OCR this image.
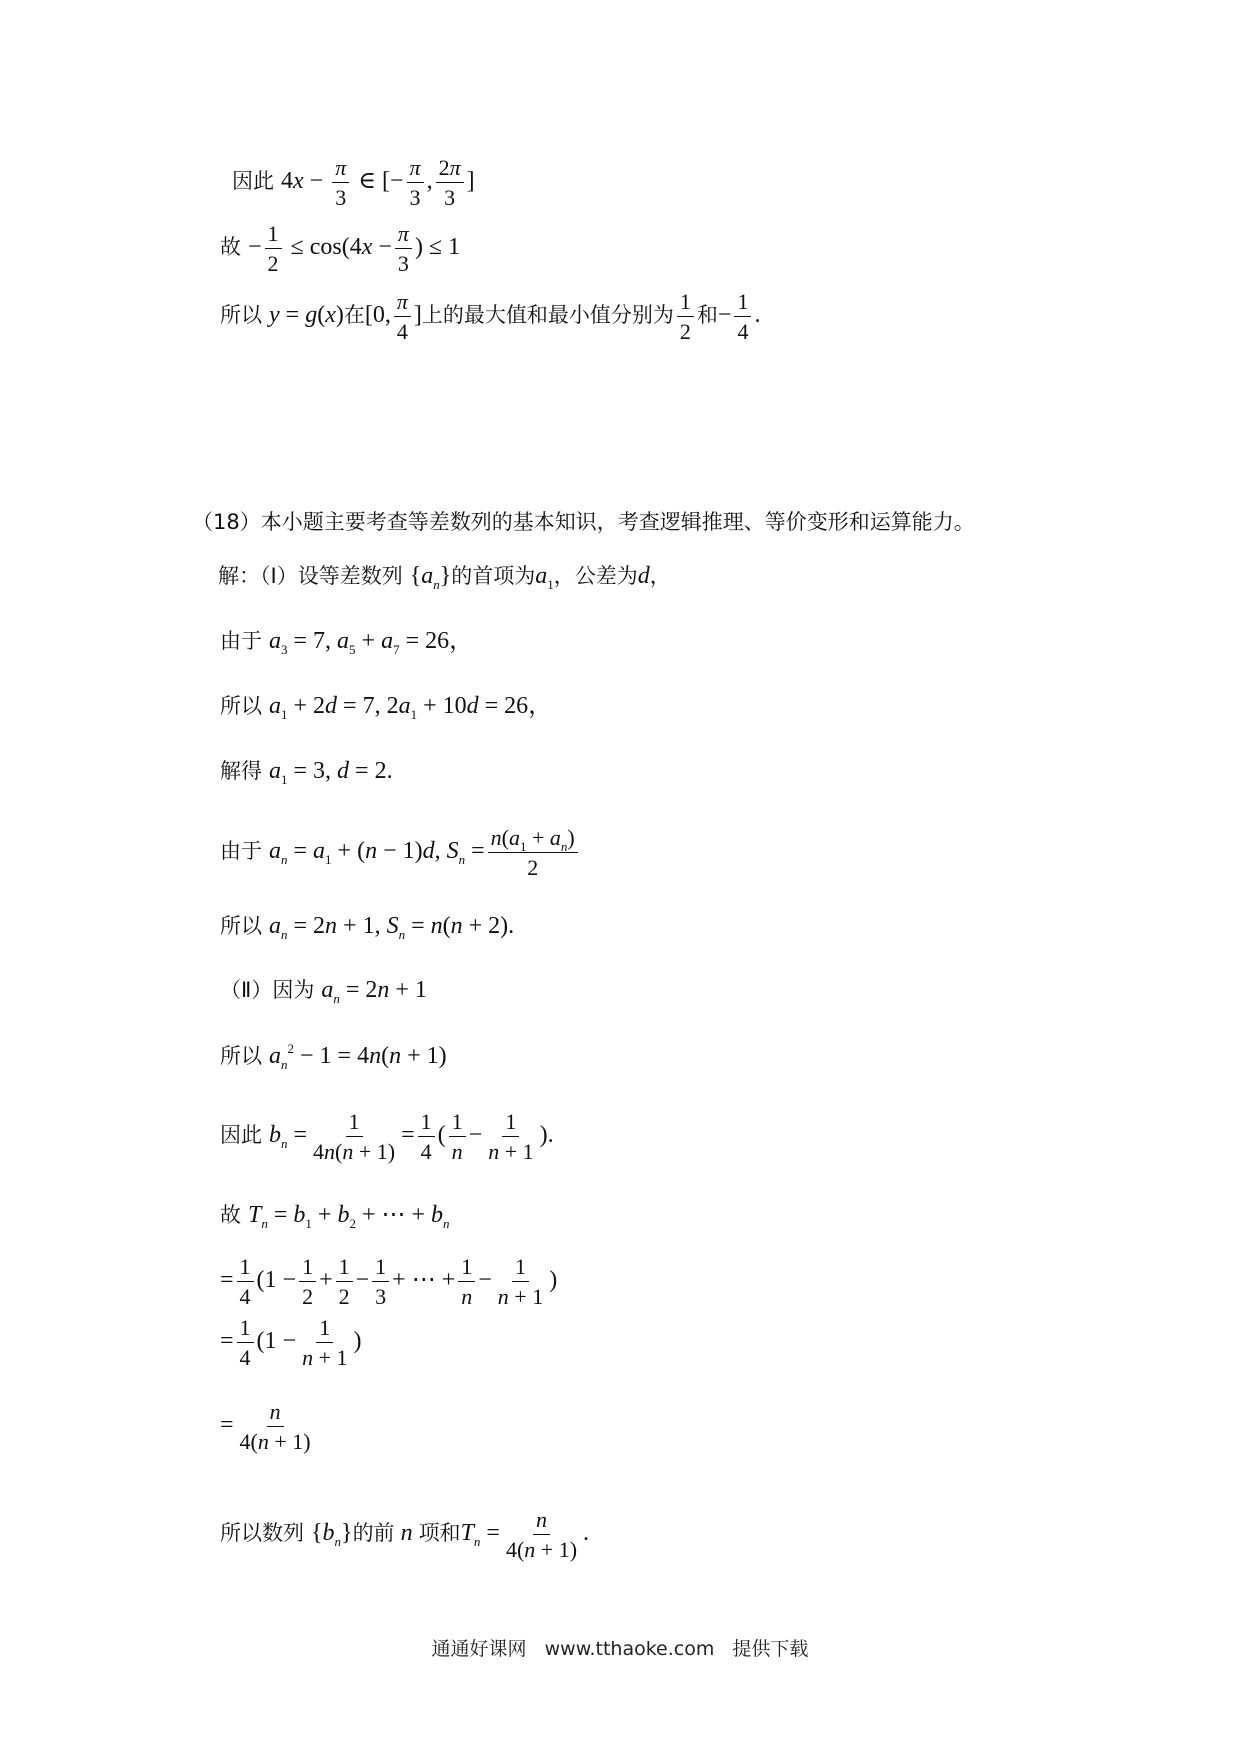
因此 $4x - \frac{\pi}{3}$ ∈ [− $\frac{\pi}{3}$ , $\frac{2\pi}{3}$ ]
故 − $\frac{1}{2} \le \cos(4x - \frac{\pi}{3}$ ) ≤ 1
所以 y = g(x)在[0, $\frac{\pi}{4}$ ]上的最大值和最小值分别为 $\frac{1}{2}$ 和− $\frac{1}{4}$ .
（18）本小题主要考查等差数列的基本知识，考查逻辑推理、等价变形和运算能力。
解：（Ⅰ）设等差数列 $\{a_n\}$的首项为$a_1$，公差为d，
由于 $a_3 = 7$, $a_5 + a_7 = 26$，
所以 $a_1 + 2d = 7$, $2a_1 + 10d = 26$，
解得 $a_1 = 3$, d = 2.
由于 $a_n = a_1 + (n - 1)d$, $S_n = \frac{n(a_1 + a_n)}{2}$
所以 $a_n = 2n + 1$, $S_n = n(n + 2)$.
（Ⅱ）因为 $a_n = 2n + 1$
所以 $a_n^2 - 1 = 4n(n + 1)$
因此 $b_n = \frac{1}{4n(n + 1)} = \frac{1}{4}$ ( $\frac{1}{n} - \frac{1}{n + 1}$ ).
故 $T_n = b_1 + b_2$ + ⋯ + $b_n$
= $\frac{1}{4} (1 - \frac{1}{2} + \frac{1}{2} - \frac{1}{3}$ + ⋯ + $\frac{1}{n} - \frac{1}{n + 1}$ )
= $\frac{1}{4} (1 - \frac{1}{n + 1}$ )
= $\frac{n}{4(n + 1)}$
所以数列 $\{b_n\}$的前 n 项和$T_n = \frac{n}{4(n + 1)}$ .
通通好课网 www.tthaoke.com 提供下载
